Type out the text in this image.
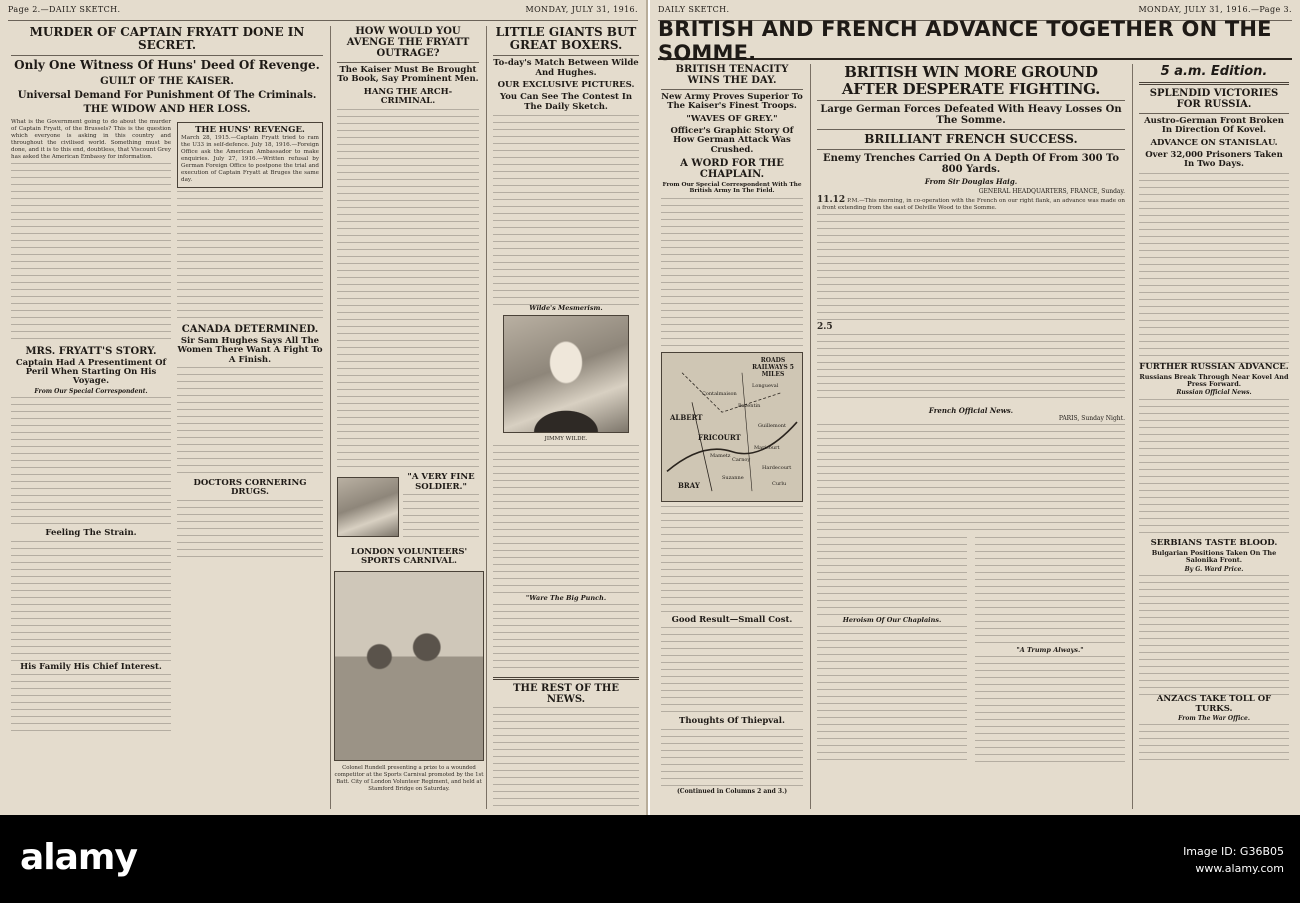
Page 2.—DAILY SKETCH.	MONDAY, JULY 31, 1916.
MURDER OF CAPTAIN FRYATT DONE IN SECRET.
Only One Witness Of Huns' Deed Of Revenge.
GUILT OF THE KAISER.
Universal Demand For Punishment Of The Criminals.
THE WIDOW AND HER LOSS.
What is the Government going to do about the murder of Captain Fryatt, of the Brussels? This is the question which everyone is asking in this country and throughout the civilised world. Something must be done, and it is to this end, doubtless, that Viscount Grey has asked the American Embassy for information.
MRS. FRYATT'S STORY.
Captain Had A Presentiment Of Peril When Starting On His Voyage.
From Our Special Correspondent.
Feeling The Strain.
His Family His Chief Interest.
THE HUNS' REVENGE.
March 28, 1915.—Captain Fryatt tried to ram the U33 in self-defence. July 18, 1916.—Foreign Office ask the American Ambassador to make enquiries. July 27, 1916.—Written refusal by German Foreign Office to postpone the trial and execution of Captain Fryatt at Bruges the same day.
CANADA DETERMINED.
Sir Sam Hughes Says All The Women There Want A Fight To A Finish.
DOCTORS CORNERING DRUGS.
HOW WOULD YOU AVENGE THE FRYATT OUTRAGE?
The Kaiser Must Be Brought To Book, Say Prominent Men.
HANG THE ARCH-CRIMINAL.
"A VERY FINE SOLDIER."
LITTLE GIANTS BUT GREAT BOXERS.
To-day's Match Between Wilde And Hughes.
OUR EXCLUSIVE PICTURES.
You Can See The Contest In The Daily Sketch.
Wilde's Mesmerism.
JIMMY WILDE.
"Ware The Big Punch.
THE REST OF THE NEWS.
LONDON VOLUNTEERS' SPORTS CARNIVAL.
Colonel Rundell presenting a prize to a wounded competitor at the Sports Carnival promoted by the 1st Batt. City of London Volunteer Regiment, and held at Stamford Bridge on Saturday.
DAILY SKETCH.	MONDAY, JULY 31, 1916.—Page 3.
BRITISH AND FRENCH ADVANCE TOGETHER ON THE SOMME.
BRITISH TENACITY WINS THE DAY.
New Army Proves Superior To The Kaiser's Finest Troops.
"WAVES OF GREY."
Officer's Graphic Story Of How German Attack Was Crushed.
A WORD FOR THE CHAPLAIN.
From Our Special Correspondent With The British Army In The Field.
ROADS RAILWAYS 5 MILES
ALBERT
FRICOURT
BRAY
Longueval
Bazentin
Guillemont
Maricourt
Hardecourt
Curlu
Suzanne
Contalmaison
Mametz
Carnoy
Good Result—Small Cost.
Thoughts Of Thiepval.
(Continued in Columns 2 and 3.)
BRITISH WIN MORE GROUND AFTER DESPERATE FIGHTING.
Large German Forces Defeated With Heavy Losses On The Somme.
BRILLIANT FRENCH SUCCESS.
Enemy Trenches Carried On A Depth Of From 300 To 800 Yards.
From Sir Douglas Haig.
GENERAL HEADQUARTERS, FRANCE, Sunday.
11.12 P.M.—This morning, in co-operation with the French on our right flank, an advance was made on a front extending from the east of Delville Wood to the Somme.
2.5
French Official News.
PARIS, Sunday Night.
Heroism Of Our Chaplains.
"A Trump Always."
5 a.m. Edition.
SPLENDID VICTORIES FOR RUSSIA.
Austro-German Front Broken In Direction Of Kovel.
ADVANCE ON STANISLAU.
Over 32,000 Prisoners Taken In Two Days.
FURTHER RUSSIAN ADVANCE.
Russians Break Through Near Kovel And Press Forward.
Russian Official News.
SERBIANS TASTE BLOOD.
Bulgarian Positions Taken On The Salonika Front.
By G. Ward Price.
ANZACS TAKE TOLL OF TURKS.
From The War Office.
alamy	Image ID: G36B05
www.alamy.com
